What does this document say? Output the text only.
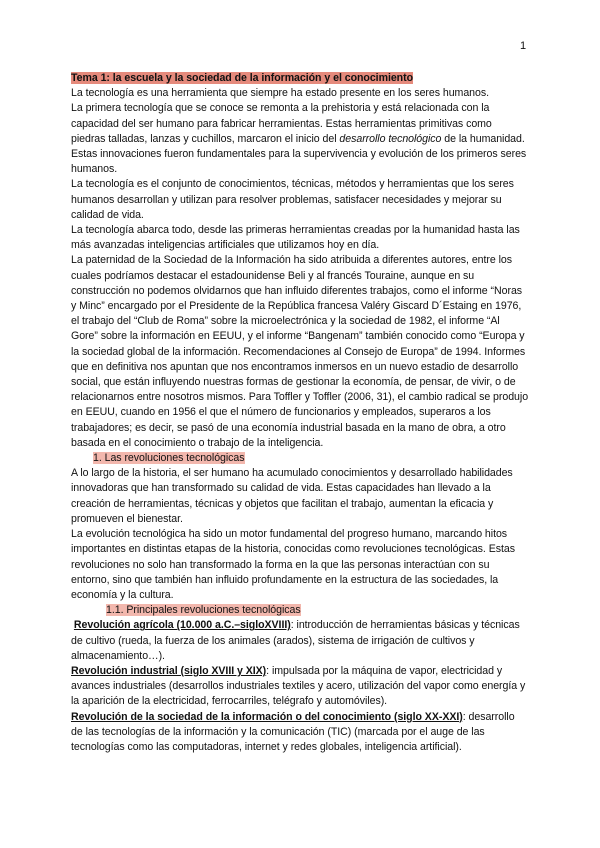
1

Tema 1: la escuela y la sociedad de la información y el conocimiento

La tecnología es una herramienta que siempre ha estado presente en los seres humanos.

La primera tecnología que se conoce se remonta a la prehistoria y está relacionada con la capacidad del ser humano para fabricar herramientas. Estas herramientas primitivas como piedras talladas, lanzas y cuchillos, marcaron el inicio del desarrollo tecnológico de la humanidad.

Estas innovaciones fueron fundamentales para la supervivencia y evolución de los primeros seres humanos.

La tecnología es el conjunto de conocimientos, técnicas, métodos y herramientas que los seres humanos desarrollan y utilizan para resolver problemas, satisfacer necesidades y mejorar su calidad de vida.

La tecnología abarca todo, desde las primeras herramientas creadas por la humanidad hasta las más avanzadas inteligencias artificiales que utilizamos hoy en día.

La paternidad de la Sociedad de la Información ha sido atribuida a diferentes autores, entre los cuales podríamos destacar el estadounidense Beli y al francés Touraine, aunque en su construcción no podemos olvidarnos que han influido diferentes trabajos, como el informe “Noras y Minc” encargado por el Presidente de la República francesa Valéry Giscard D´Estaing en 1976, el trabajo del “Club de Roma” sobre la microelectrónica y la sociedad de 1982, el informe “Al Gore” sobre la información en EEUU, y el informe “Bangenam” también conocido como “Europa y la sociedad global de la información. Recomendaciones al Consejo de Europa” de 1994. Informes que en definitiva nos apuntan que nos encontramos inmersos en un nuevo estadio de desarrollo social, que están influyendo nuestras formas de gestionar la economía, de pensar, de vivir, o de relacionarnos entre nosotros mismos. Para Toffler y Toffler (2006, 31), el cambio radical se produjo en EEUU, cuando en 1956 el que el número de funcionarios y empleados, superaros a los trabajadores; es decir, se pasó de una economía industrial basada en la mano de obra, a otro basada en el conocimiento o trabajo de la inteligencia.

1. Las revoluciones tecnológicas

A lo largo de la historia, el ser humano ha acumulado conocimientos y desarrollado habilidades innovadoras que han transformado su calidad de vida. Estas capacidades han llevado a la creación de herramientas, técnicas y objetos que facilitan el trabajo, aumentan la eficacia y promueven el bienestar.

La evolución tecnológica ha sido un motor fundamental del progreso humano, marcando hitos importantes en distintas etapas de la historia, conocidas como revoluciones tecnológicas. Estas revoluciones no solo han transformado la forma en la que las personas interactúan con su entorno, sino que también han influido profundamente en la estructura de las sociedades, la economía y la cultura.

1.1. Principales revoluciones tecnológicas

Revolución agrícola (10.000 a.C.–sigloXVIII): introducción de herramientas básicas y técnicas de cultivo (rueda, la fuerza de los animales (arados), sistema de irrigación de cultivos y almacenamiento…).

Revolución industrial (siglo XVIII y XIX): impulsada por la máquina de vapor, electricidad y avances industriales (desarrollos industriales textiles y acero, utilización del vapor como energía y la aparición de la electricidad, ferrocarriles, telégrafo y automóviles).

Revolución de la sociedad de la información o del conocimiento (siglo XX-XXI): desarrollo de las tecnologías de la información y la comunicación (TIC) (marcada por el auge de las tecnologías como las computadoras, internet y redes globales, inteligencia artificial).
